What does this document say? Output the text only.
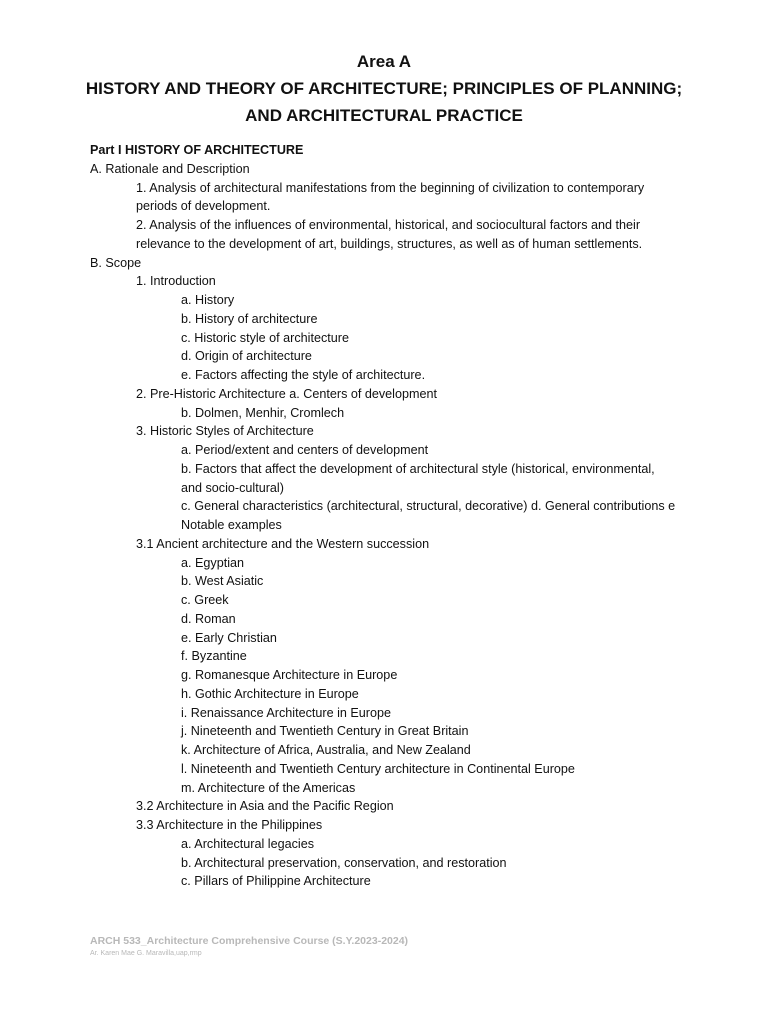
Area A
HISTORY AND THEORY OF ARCHITECTURE; PRINCIPLES OF PLANNING;
AND ARCHITECTURAL PRACTICE
Part I HISTORY OF ARCHITECTURE
A. Rationale and Description
1. Analysis of architectural manifestations from the beginning of civilization to contemporary
periods of development.
2. Analysis of the influences of environmental, historical, and sociocultural factors and their
relevance to the development of art, buildings, structures, as well as of human settlements.
B. Scope
1. Introduction
a. History
b. History of architecture
c. Historic style of architecture
d. Origin of architecture
e. Factors affecting the style of architecture.
2. Pre-Historic Architecture a. Centers of development
b. Dolmen, Menhir, Cromlech
3. Historic Styles of Architecture
a. Period/extent and centers of development
b. Factors that affect the development of architectural style (historical, environmental,
and socio-cultural)
c. General characteristics (architectural, structural, decorative) d. General contributions e
Notable examples
3.1 Ancient architecture and the Western succession
a. Egyptian
b. West Asiatic
c. Greek
d. Roman
e. Early Christian
f. Byzantine
g. Romanesque Architecture in Europe
h. Gothic Architecture in Europe
i. Renaissance Architecture in Europe
j. Nineteenth and Twentieth Century in Great Britain
k. Architecture of Africa, Australia, and New Zealand
l. Nineteenth and Twentieth Century architecture in Continental Europe
m. Architecture of the Americas
3.2 Architecture in Asia and the Pacific Region
3.3 Architecture in the Philippines
a. Architectural legacies
b. Architectural preservation, conservation, and restoration
c. Pillars of Philippine Architecture
ARCH 533_Architecture Comprehensive Course (S.Y.2023-2024)
Ar. Karen Mae G. Maravilla,uap,rmp
